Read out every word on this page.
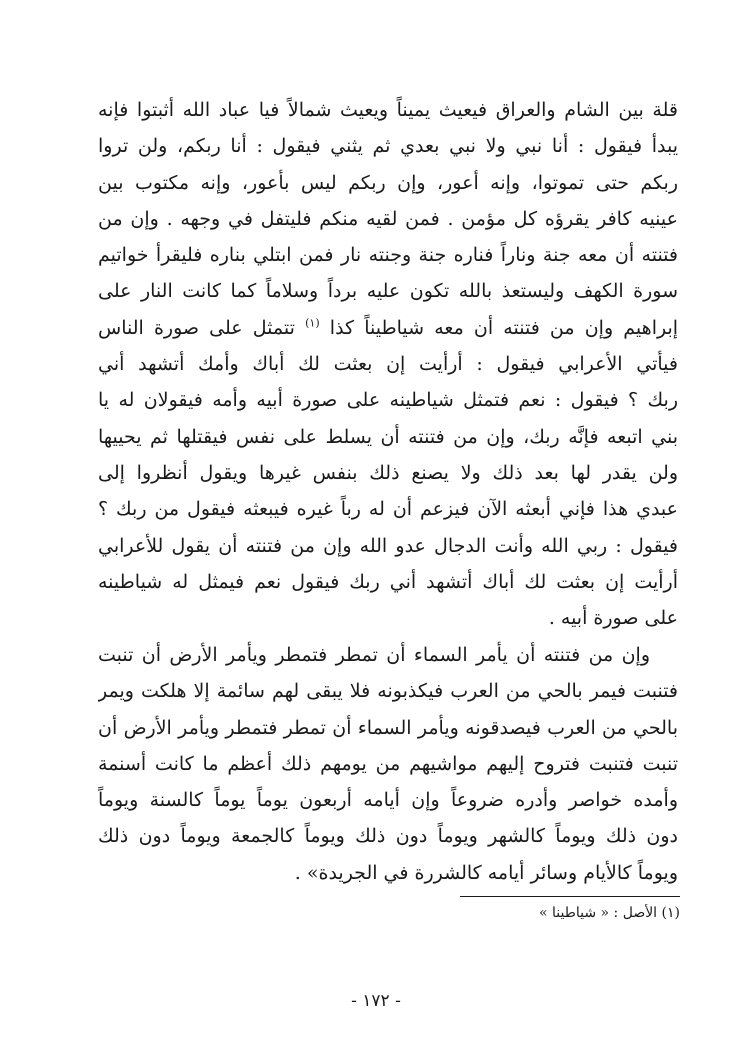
قلة بين الشام والعراق فيعيث يميناً ويعيث شمالاً فيا عباد الله أثبتوا فإنه
يبدأ فيقول : أنا نبي ولا نبي بعدي ثم يثني فيقول : أنا ربكم، ولن تروا
ربكم حتى تموتوا، وإنه أعور، وإن ربكم ليس بأعور، وإنه مكتوب بين
عينيه كافر يقرؤه كل مؤمن . فمن لقيه منكم فليتفل في وجهه . وإن من
فتنته أن معه جنة وناراً فناره جنة وجنته نار فمن ابتلي بناره فليقرأ خواتيم
سورة الكهف وليستعذ بالله تكون عليه برداً وسلاماً كما كانت النار على
إبراهيم وإن من فتنته أن معه شياطيناً كذا $^{(١)}$ تتمثل على صورة الناس
فيأتي الأعرابي فيقول : أرأيت إن بعثت لك أباك وأمك أتشهد أني
ربك ؟ فيقول : نعم فتمثل شياطينه على صورة أبيه وأمه فيقولان له يا
بني اتبعه فإنَّه ربك، وإن من فتنته أن يسلط على نفس فيقتلها ثم يحييها
ولن يقدر لها بعد ذلك ولا يصنع ذلك بنفس غيرها ويقول أنظروا إلى
عبدي هذا فإني أبعثه الآن فيزعم أن له رباً غيره فيبعثه فيقول من ربك ؟
فيقول : ربي الله وأنت الدجال عدو الله وإن من فتنته أن يقول للأعرابي
أرأيت إن بعثت لك أباك أتشهد أني ربك فيقول نعم فيمثل له شياطينه
على صورة أبيه .
وإن من فتنته أن يأمر السماء أن تمطر فتمطر ويأمر الأرض أن تنبت
فتنبت فيمر بالحي من العرب فيكذبونه فلا يبقى لهم سائمة إلا هلكت ويمر
بالحي من العرب فيصدقونه ويأمر السماء أن تمطر فتمطر ويأمر الأرض أن
تنبت فتنبت فتروح إليهم مواشيهم من يومهم ذلك أعظم ما كانت أسنمة
وأمده خواصر وأدره ضروعاً وإن أيامه أربعون يوماً يوماً كالسنة ويوماً
دون ذلك ويوماً كالشهر ويوماً دون ذلك ويوماً كالجمعة ويوماً دون ذلك
ويوماً كالأيام وسائر أيامه كالشررة في الجريدة» .
(١) الأصل : « شياطينا »
- ١٧٢ -
